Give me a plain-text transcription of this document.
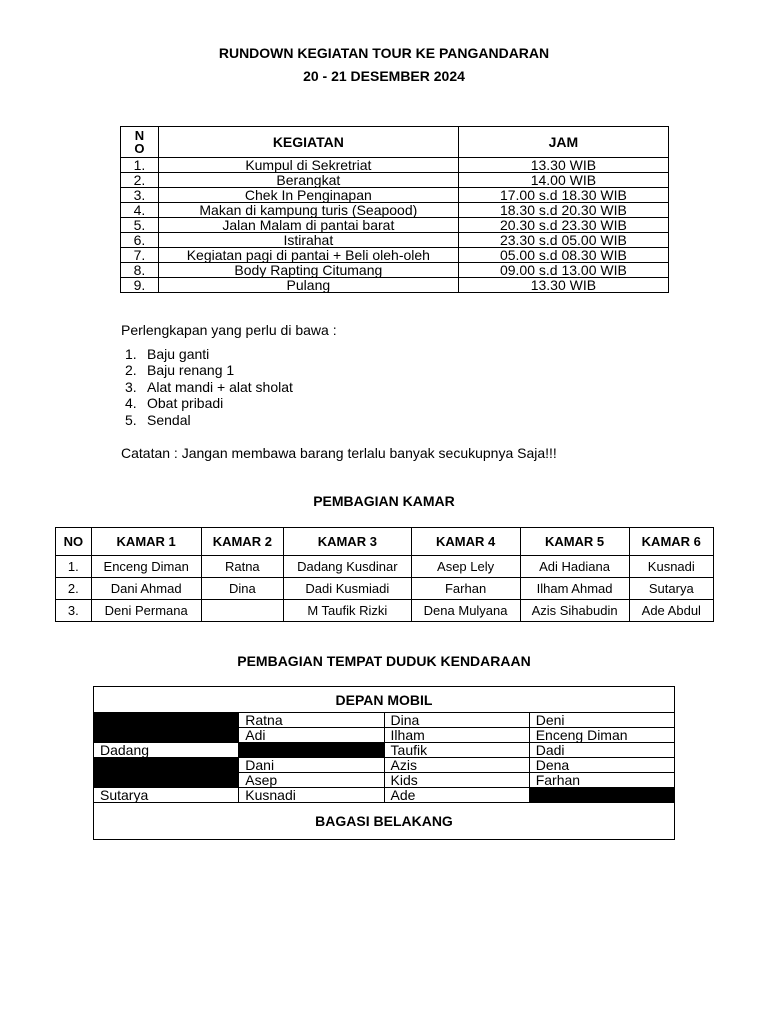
RUNDOWN KEGIATAN TOUR KE PANGANDARAN
20 - 21 DESEMBER 2024
N
O	KEGIATAN	JAM
1.	Kumpul di Sekretriat	13.30 WIB
2.	Berangkat	14.00 WIB
3.	Chek In Penginapan	17.00 s.d 18.30 WIB
4.	Makan di kampung turis (Seapood)	18.30 s.d 20.30 WIB
5.	Jalan Malam di pantai barat	20.30 s.d 23.30 WIB
6.	Istirahat	23.30 s.d 05.00 WIB
7.	Kegiatan pagi di pantai + Beli oleh-oleh	05.00 s.d 08.30 WIB
8.	Body Rapting Citumang	09.00 s.d 13.00 WIB
9.	Pulang	13.30 WIB
Perlengkapan yang perlu di bawa :
1. Baju ganti
2. Baju renang 1
3. Alat mandi + alat sholat
4. Obat pribadi
5. Sendal
Catatan : Jangan membawa barang terlalu banyak secukupnya Saja!!!
PEMBAGIAN KAMAR
NO	KAMAR 1	KAMAR 2	KAMAR 3	KAMAR 4	KAMAR 5	KAMAR 6
1.	Enceng Diman	Ratna	Dadang Kusdinar	Asep Lely	Adi Hadiana	Kusnadi
2.	Dani Ahmad	Dina	Dadi Kusmiadi	Farhan	Ilham Ahmad	Sutarya
3.	Deni Permana		M Taufik Rizki	Dena Mulyana	Azis Sihabudin	Ade Abdul
PEMBAGIAN TEMPAT DUDUK KENDARAAN
DEPAN MOBIL			
	Ratna	Dina	Deni
	Adi	Ilham	Enceng Diman
Dadang		Taufik	Dadi
	Dani	Azis	Dena
	Asep	Kids	Farhan
Sutarya	Kusnadi	Ade	
BAGASI BELAKANG			
